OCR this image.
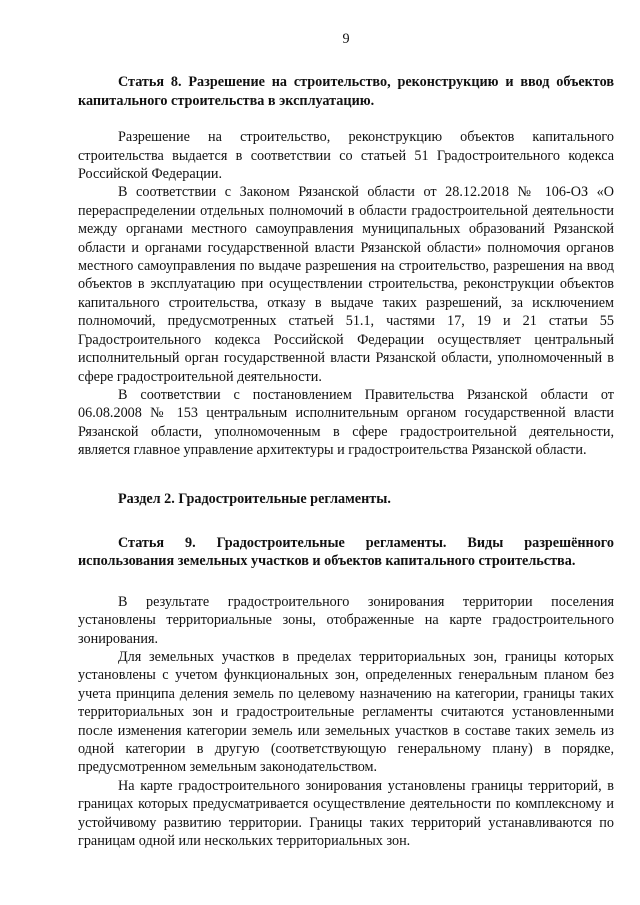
9

Статья 8. Разрешение на строительство, реконструкцию и ввод объектов капитального строительства в эксплуатацию.

Разрешение на строительство, реконструкцию объектов капитального строительства выдается в соответствии со статьей 51 Градостроительного кодекса Российской Федерации.

В соответствии с Законом Рязанской области от 28.12.2018 № 106-ОЗ «О перераспределении отдельных полномочий в области градостроительной деятельности между органами местного самоуправления муниципальных образований Рязанской области и органами государственной власти Рязанской области» полномочия органов местного самоуправления по выдаче разрешения на строительство, разрешения на ввод объектов в эксплуатацию при осуществлении строительства, реконструкции объектов капитального строительства, отказу в выдаче таких разрешений, за исключением полномочий, предусмотренных статьей 51.1, частями 17, 19 и 21 статьи 55 Градостроительного кодекса Российской Федерации осуществляет центральный исполнительный орган государственной власти Рязанской области, уполномоченный в сфере градостроительной деятельности.

В соответствии с постановлением Правительства Рязанской области от 06.08.2008 № 153 центральным исполнительным органом государственной власти Рязанской области, уполномоченным в сфере градостроительной деятельности, является главное управление архитектуры и градостроительства Рязанской области.

Раздел 2. Градостроительные регламенты.

Статья 9. Градостроительные регламенты. Виды разрешённого использования земельных участков и объектов капитального строительства.

В результате градостроительного зонирования территории поселения установлены территориальные зоны, отображенные на карте градостроительного зонирования.

Для земельных участков в пределах территориальных зон, границы которых установлены с учетом функциональных зон, определенных генеральным планом без учета принципа деления земель по целевому назначению на категории, границы таких территориальных зон и градостроительные регламенты считаются установленными после изменения категории земель или земельных участков в составе таких земель из одной категории в другую (соответствующую генеральному плану) в порядке, предусмотренном земельным законодательством.

На карте градостроительного зонирования установлены границы территорий, в границах которых предусматривается осуществление деятельности по комплексному и устойчивому развитию территории. Границы таких территорий устанавливаются по границам одной или нескольких территориальных зон.
